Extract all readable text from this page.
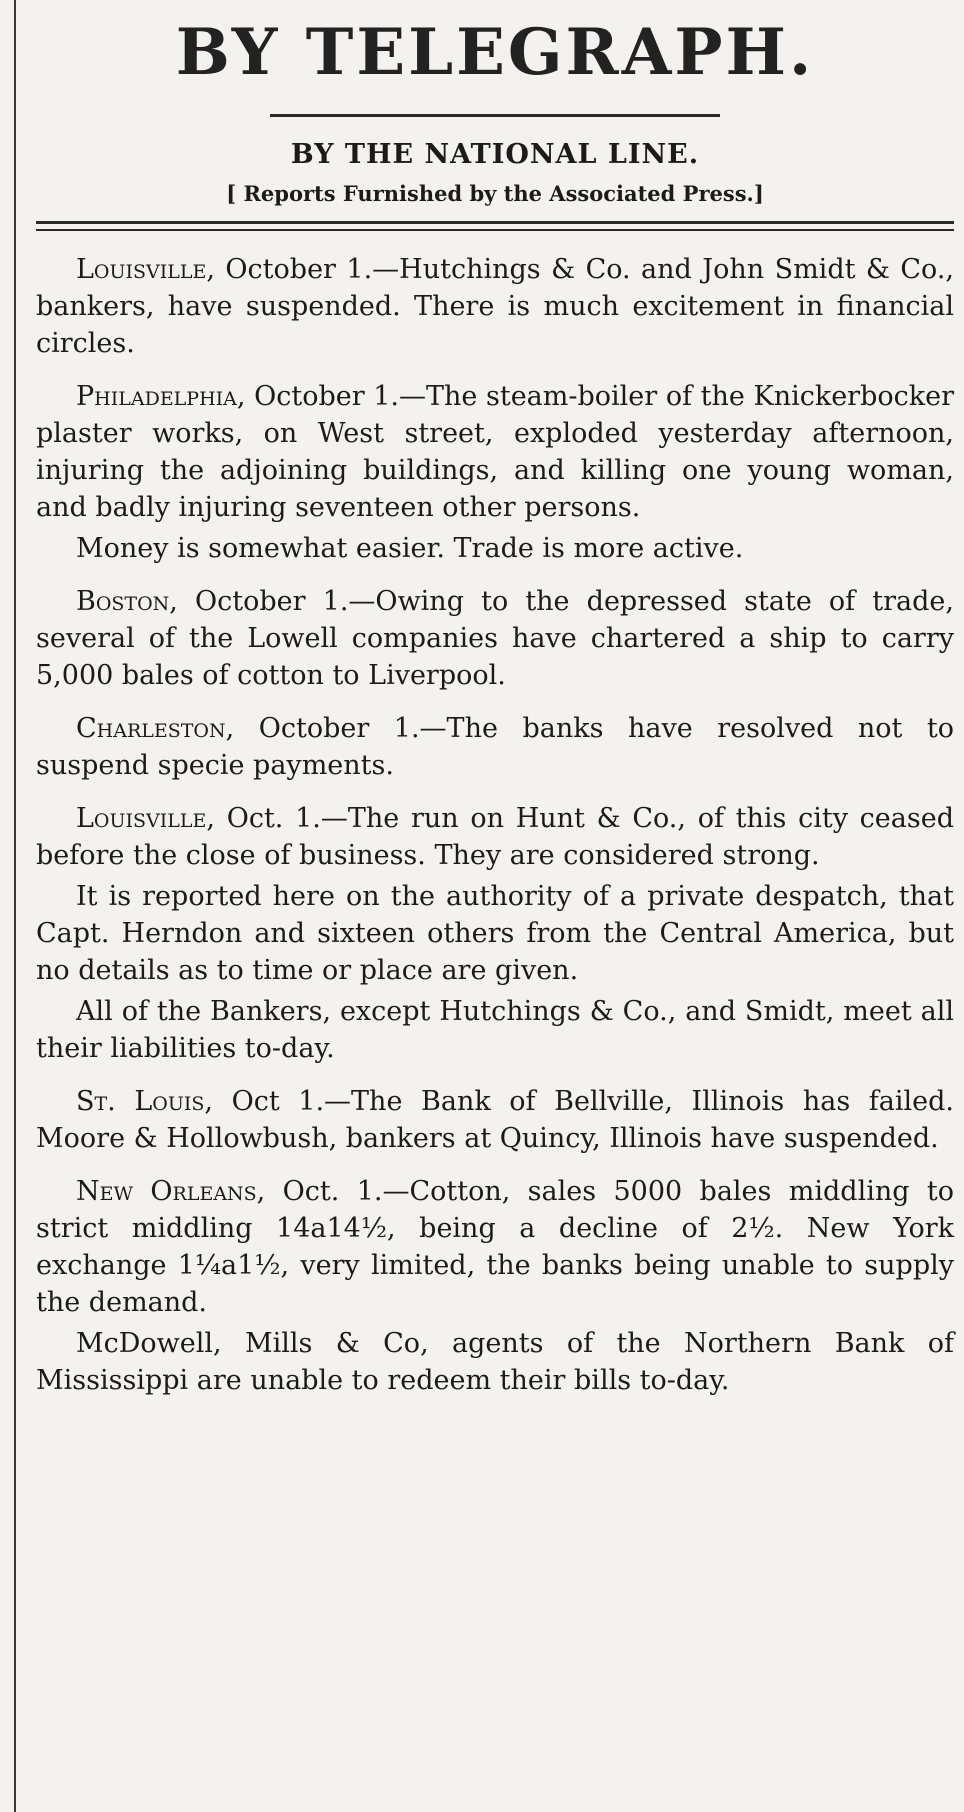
BY TELEGRAPH.
BY THE NATIONAL LINE.
[ Reports Furnished by the Associated Press.]

Louisville, October 1.—Hutchings & Co. and John Smidt & Co., bankers, have suspended. There is much excitement in financial circles.

Philadelphia, October 1.—The steam-boiler of the Knickerbocker plaster works, on West street, exploded yesterday afternoon, injuring the adjoining buildings, and killing one young woman, and badly injuring seventeen other persons.

Money is somewhat easier. Trade is more active.

Boston, October 1.—Owing to the depressed state of trade, several of the Lowell companies have chartered a ship to carry 5,000 bales of cotton to Liverpool.

Charleston, October 1.—The banks have resolved not to suspend specie payments.

Louisville, Oct. 1.—The run on Hunt & Co., of this city ceased before the close of business. They are considered strong.

It is reported here on the authority of a private despatch, that Capt. Herndon and sixteen others from the Central America, but no details as to time or place are given.

All of the Bankers, except Hutchings & Co., and Smidt, meet all their liabilities to-day.

St. Louis, Oct 1.—The Bank of Bellville, Illinois has failed. Moore & Hollowbush, bankers at Quincy, Illinois have suspended.

New Orleans, Oct. 1.—Cotton, sales 5000 bales middling to strict middling 14a14½, being a decline of 2½. New York exchange 1¼a1½, very limited, the banks being unable to supply the demand.

McDowell, Mills & Co, agents of the Northern Bank of Mississippi are unable to redeem their bills to-day.
